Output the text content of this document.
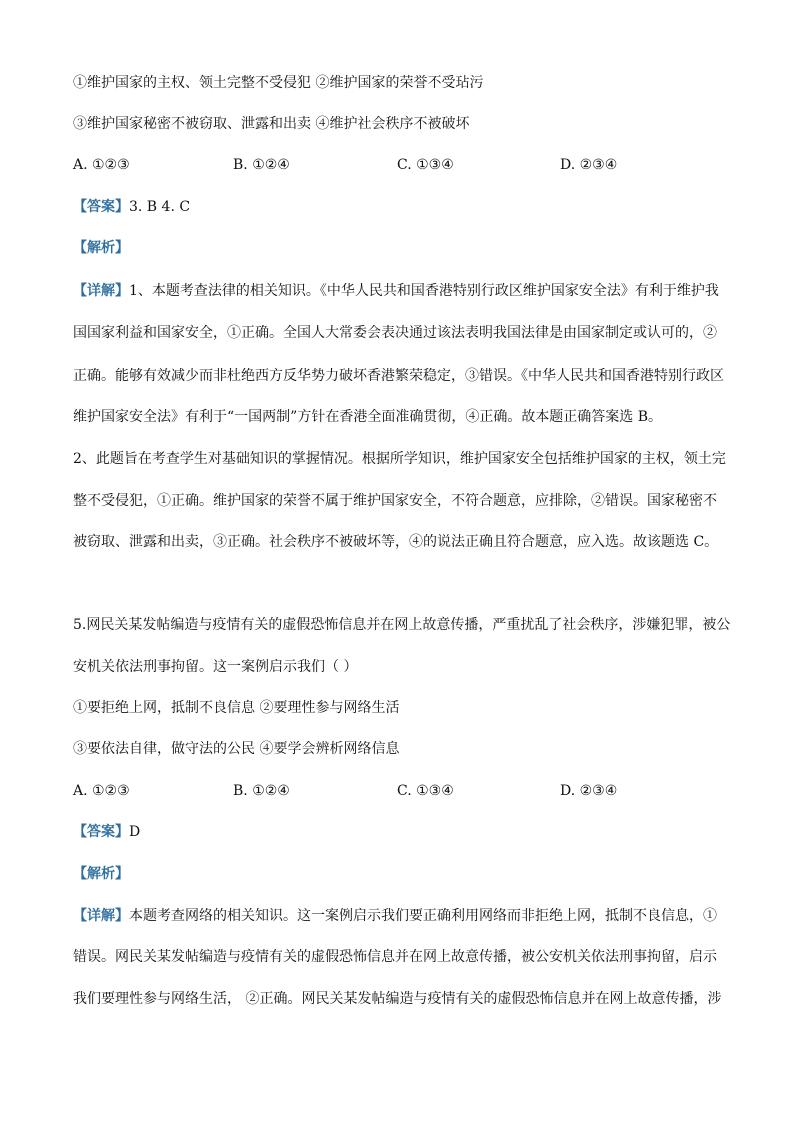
①维护国家的主权、领土完整不受侵犯 ②维护国家的荣誉不受玷污
③维护国家秘密不被窃取、泄露和出卖 ④维护社会秩序不被破坏
A. ①②③	B. ①②④	C. ①③④	D. ②③④
【答案】3. B 4. C
【解析】
【详解】1、本题考查法律的相关知识。《中华人民共和国香港特别行政区维护国家安全法》有利于维护我
国国家利益和国家安全，①正确。全国人大常委会表决通过该法表明我国法律是由国家制定或认可的，②
正确。能够有效减少而非杜绝西方反华势力破坏香港繁荣稳定，③错误。《中华人民共和国香港特别行政区
维护国家安全法》有利于“一国两制”方针在香港全面准确贯彻，④正确。故本题正确答案选 B。
2、此题旨在考查学生对基础知识的掌握情况。根据所学知识，维护国家安全包括维护国家的主权，领土完
整不受侵犯，①正确。维护国家的荣誉不属于维护国家安全，不符合题意，应排除，②错误。国家秘密不
被窃取、泄露和出卖，③正确。社会秩序不被破坏等，④的说法正确且符合题意，应入选。故该题选 C。
5.网民关某发帖编造与疫情有关的虚假恐怖信息并在网上故意传播，严重扰乱了社会秩序，涉嫌犯罪，被公
安机关依法刑事拘留。这一案例启示我们（ ）
①要拒绝上网，抵制不良信息 ②要理性参与网络生活
③要依法自律，做守法的公民 ④要学会辨析网络信息
A. ①②③	B. ①②④	C. ①③④	D. ②③④
【答案】D
【解析】
【详解】本题考查网络的相关知识。这一案例启示我们要正确利用网络而非拒绝上网，抵制不良信息，①
错误。网民关某发帖编造与疫情有关的虚假恐怖信息并在网上故意传播，被公安机关依法刑事拘留，启示
我们要理性参与网络生活， ②正确。网民关某发帖编造与疫情有关的虚假恐怖信息并在网上故意传播，涉
